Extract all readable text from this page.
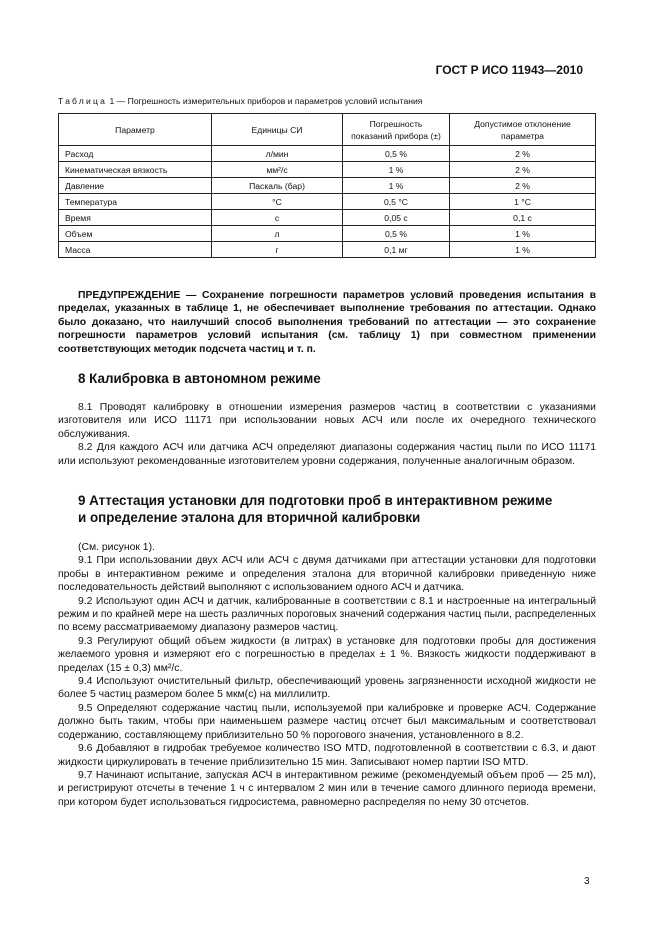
ГОСТ Р ИСО 11943—2010
Таблица 1 — Погрешность измерительных приборов и параметров условий испытания
Параметр	Единицы СИ	Погрешность показаний прибора (±)	Допустимое отклонение параметра
Расход	л/мин	0,5 %	2 %
Кинематическая вязкость	мм²/с	1 %	2 %
Давление	Паскаль (бар)	1 %	2 %
Температура	°С	0,5 °С	1 °С
Время	с	0,05 с	0,1 с
Объем	л	0,5 %	1 %
Масса	г	0,1 мг	1 %

ПРЕДУПРЕЖДЕНИЕ — Сохранение погрешности параметров условий проведения испытания в пределах, указанных в таблице 1, не обеспечивает выполнение требования по аттестации. Однако было доказано, что наилучший способ выполнения требований по аттестации — это сохранение погрешности параметров условий испытания (см. таблицу 1) при совместном применении соответствующих методик подсчета частиц и т. п.

8 Калибровка в автономном режиме

8.1 Проводят калибровку в отношении измерения размеров частиц в соответствии с указаниями изготовителя или ИСО 11171 при использовании новых АСЧ или после их очередного технического обслуживания.

8.2 Для каждого АСЧ или датчика АСЧ определяют диапазоны содержания частиц пыли по ИСО 11171 или используют рекомендованные изготовителем уровни содержания, полученные аналогичным образом.

9 Аттестация установки для подготовки проб в интерактивном режиме и определение эталона для вторичной калибровки

(См. рисунок 1).

9.1 При использовании двух АСЧ или АСЧ с двумя датчиками при аттестации установки для подготовки пробы в интерактивном режиме и определения эталона для вторичной калибровки приведенную ниже последовательность действий выполняют с использованием одного АСЧ и датчика.

9.2 Используют один АСЧ и датчик, калиброванные в соответствии с 8.1 и настроенные на интегральный режим и по крайней мере на шесть различных пороговых значений содержания частиц пыли, распределенных по всему рассматриваемому диапазону размеров частиц.

9.3 Регулируют общий объем жидкости (в литрах) в установке для подготовки пробы для достижения желаемого уровня и измеряют его с погрешностью в пределах ± 1 %. Вязкость жидкости поддерживают в пределах (15 ± 0,3) мм²/с.

9.4 Используют очистительный фильтр, обеспечивающий уровень загрязненности исходной жидкости не более 5 частиц размером более 5 мкм(с) на миллилитр.

9.5 Определяют содержание частиц пыли, используемой при калибровке и проверке АСЧ. Содержание должно быть таким, чтобы при наименьшем размере частиц отсчет был максимальным и соответствовал содержанию, составляющему приблизительно 50 % порогового значения, установленного в 8.2.

9.6 Добавляют в гидробак требуемое количество ISO MTD, подготовленной в соответствии с 6.3, и дают жидкости циркулировать в течение приблизительно 15 мин. Записывают номер партии ISO MTD.

9.7 Начинают испытание, запуская АСЧ в интерактивном режиме (рекомендуемый объем проб — 25 мл), и регистрируют отсчеты в течение 1 ч с интервалом 2 мин или в течение самого длинного периода времени, при котором будет использоваться гидросистема, равномерно распределяя по нему 30 отсчетов.

3
